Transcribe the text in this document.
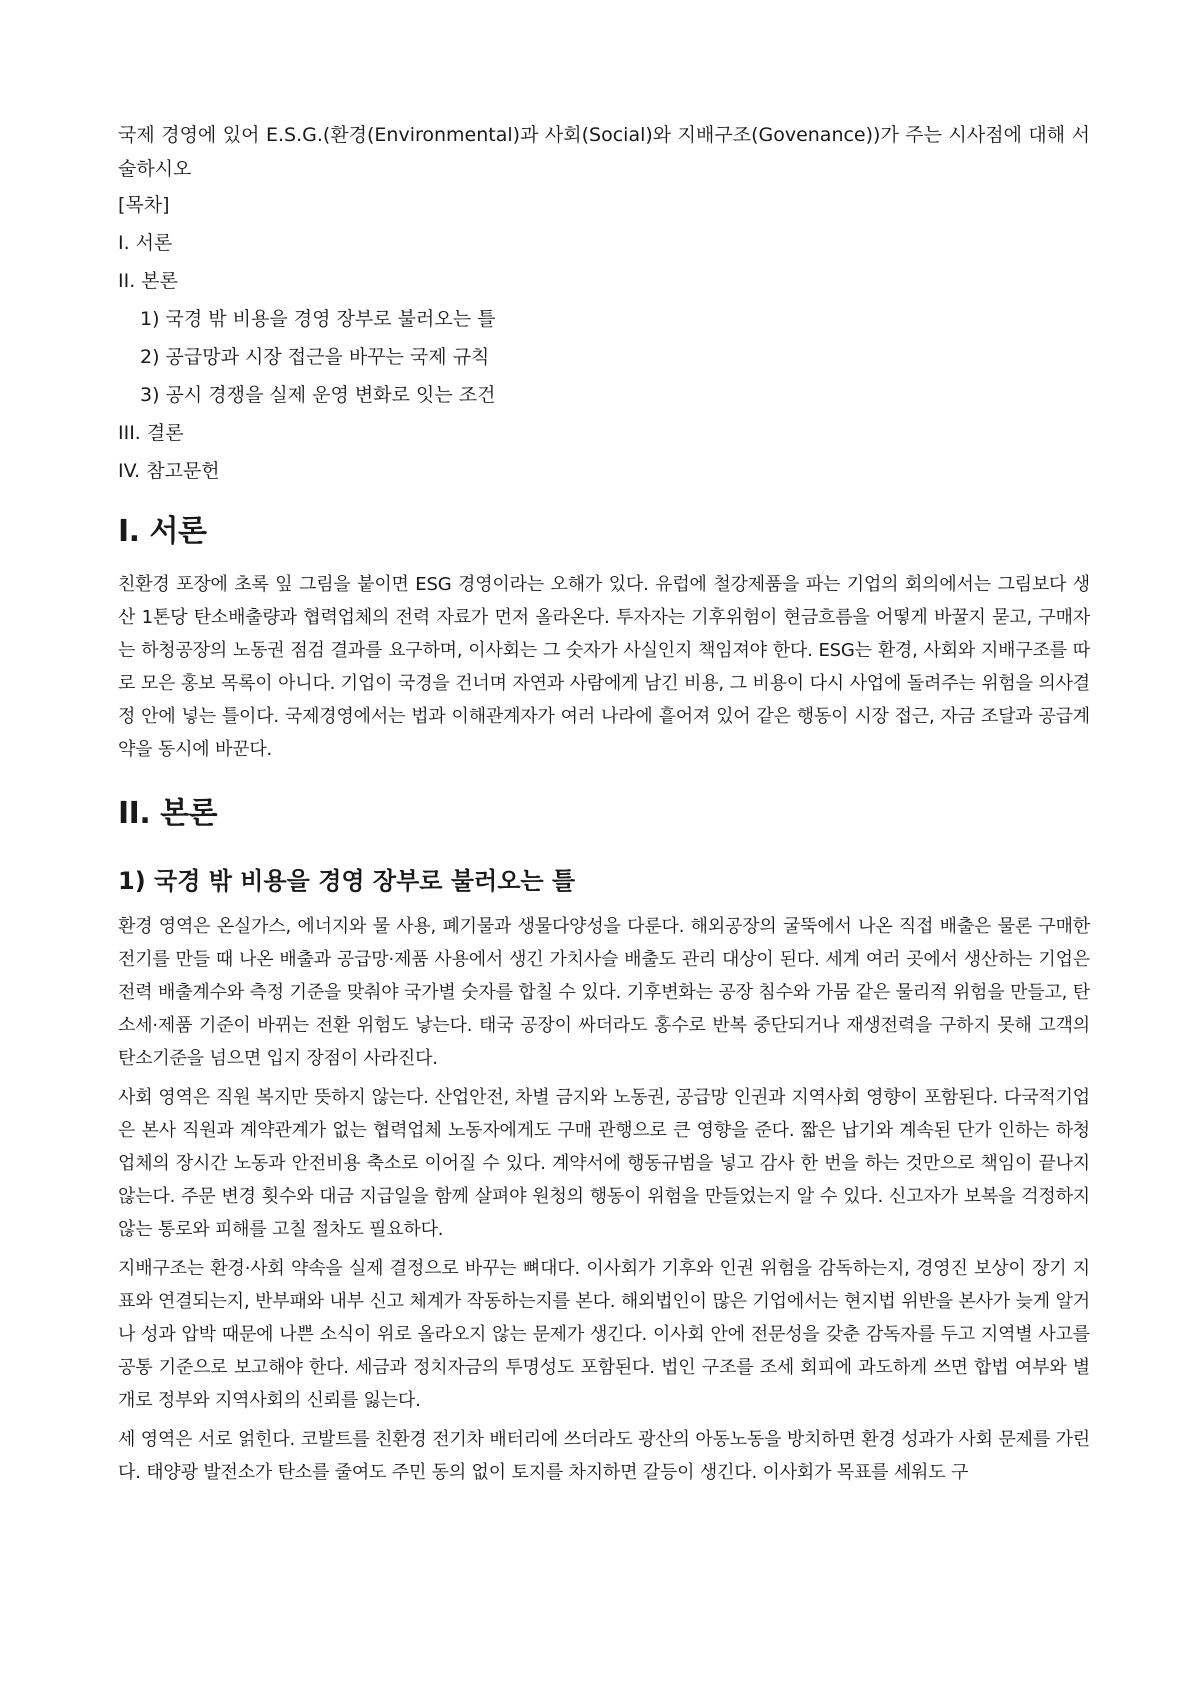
국제 경영에 있어 E.S.G.(환경(Environmental)과 사회(Social)와 지배구조(Govenance))가 주는 시사점에 대해 서술하시오

[목차]
I. 서론
II. 본론
1) 국경 밖 비용을 경영 장부로 불러오는 틀
2) 공급망과 시장 접근을 바꾸는 국제 규칙
3) 공시 경쟁을 실제 운영 변화로 잇는 조건
III. 결론
IV. 참고문헌
I. 서론

친환경 포장에 초록 잎 그림을 붙이면 ESG 경영이라는 오해가 있다. 유럽에 철강제품을 파는 기업의 회의에서는 그림보다 생산 1톤당 탄소배출량과 협력업체의 전력 자료가 먼저 올라온다. 투자자는 기후위험이 현금흐름을 어떻게 바꿀지 묻고, 구매자는 하청공장의 노동권 점검 결과를 요구하며, 이사회는 그 숫자가 사실인지 책임져야 한다. ESG는 환경, 사회와 지배구조를 따로 모은 홍보 목록이 아니다. 기업이 국경을 건너며 자연과 사람에게 남긴 비용, 그 비용이 다시 사업에 돌려주는 위험을 의사결정 안에 넣는 틀이다. 국제경영에서는 법과 이해관계자가 여러 나라에 흩어져 있어 같은 행동이 시장 접근, 자금 조달과 공급계약을 동시에 바꾼다.

II. 본론
1) 국경 밖 비용을 경영 장부로 불러오는 틀

환경 영역은 온실가스, 에너지와 물 사용, 폐기물과 생물다양성을 다룬다. 해외공장의 굴뚝에서 나온 직접 배출은 물론 구매한 전기를 만들 때 나온 배출과 공급망·제품 사용에서 생긴 가치사슬 배출도 관리 대상이 된다. 세계 여러 곳에서 생산하는 기업은 전력 배출계수와 측정 기준을 맞춰야 국가별 숫자를 합칠 수 있다. 기후변화는 공장 침수와 가뭄 같은 물리적 위험을 만들고, 탄소세·제품 기준이 바뀌는 전환 위험도 낳는다. 태국 공장이 싸더라도 홍수로 반복 중단되거나 재생전력을 구하지 못해 고객의 탄소기준을 넘으면 입지 장점이 사라진다.

사회 영역은 직원 복지만 뜻하지 않는다. 산업안전, 차별 금지와 노동권, 공급망 인권과 지역사회 영향이 포함된다. 다국적기업은 본사 직원과 계약관계가 없는 협력업체 노동자에게도 구매 관행으로 큰 영향을 준다. 짧은 납기와 계속된 단가 인하는 하청업체의 장시간 노동과 안전비용 축소로 이어질 수 있다. 계약서에 행동규범을 넣고 감사 한 번을 하는 것만으로 책임이 끝나지 않는다. 주문 변경 횟수와 대금 지급일을 함께 살펴야 원청의 행동이 위험을 만들었는지 알 수 있다. 신고자가 보복을 걱정하지 않는 통로와 피해를 고칠 절차도 필요하다.

지배구조는 환경·사회 약속을 실제 결정으로 바꾸는 뼈대다. 이사회가 기후와 인권 위험을 감독하는지, 경영진 보상이 장기 지표와 연결되는지, 반부패와 내부 신고 체계가 작동하는지를 본다. 해외법인이 많은 기업에서는 현지법 위반을 본사가 늦게 알거나 성과 압박 때문에 나쁜 소식이 위로 올라오지 않는 문제가 생긴다. 이사회 안에 전문성을 갖춘 감독자를 두고 지역별 사고를 공통 기준으로 보고해야 한다. 세금과 정치자금의 투명성도 포함된다. 법인 구조를 조세 회피에 과도하게 쓰면 합법 여부와 별개로 정부와 지역사회의 신뢰를 잃는다.

세 영역은 서로 얽힌다. 코발트를 친환경 전기차 배터리에 쓰더라도 광산의 아동노동을 방치하면 환경 성과가 사회 문제를 가린다. 태양광 발전소가 탄소를 줄여도 주민 동의 없이 토지를 차지하면 갈등이 생긴다. 이사회가 목표를 세워도 구
